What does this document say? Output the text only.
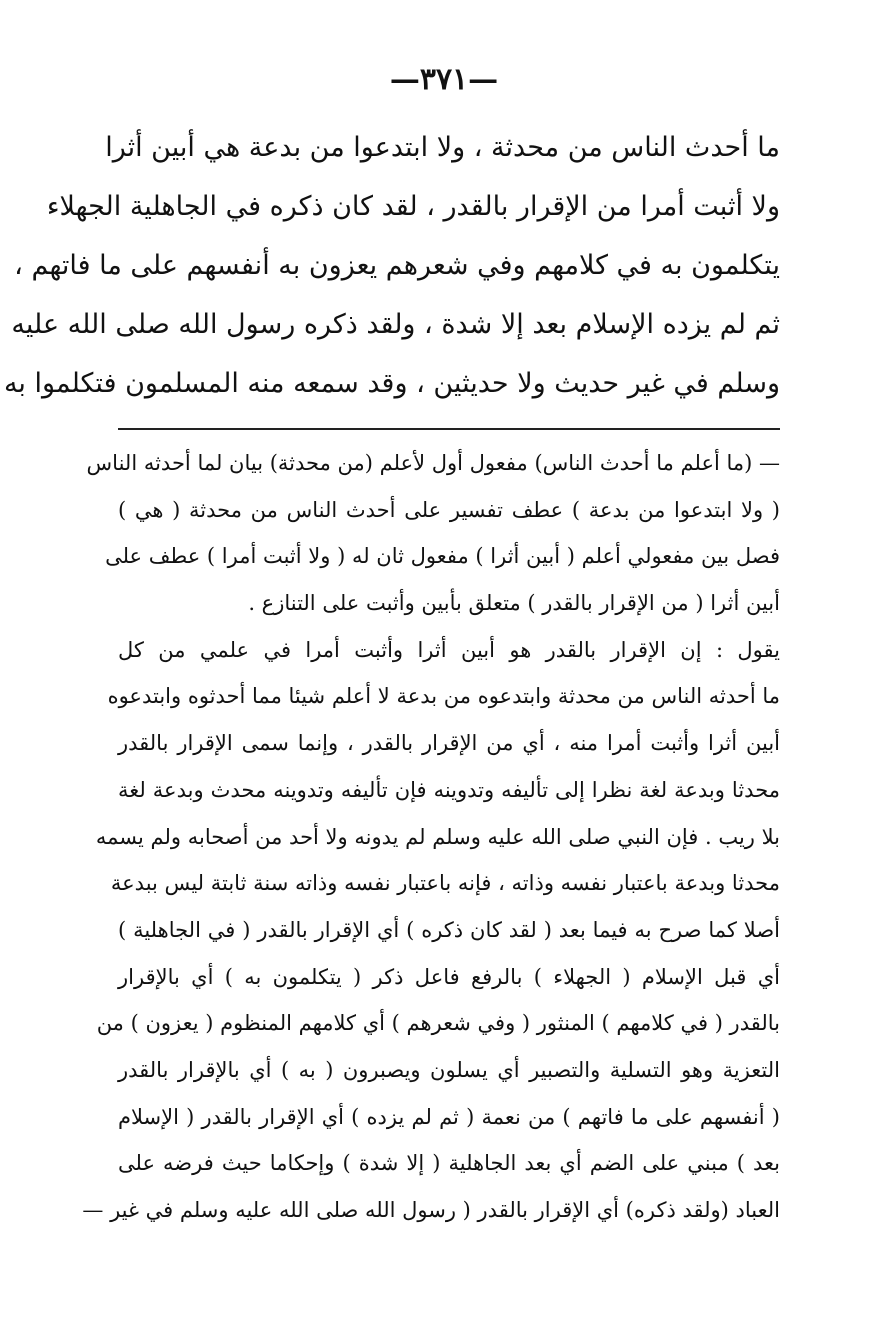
—٣٧١—
ما أحدث الناس من محدثة ، ولا ابتدعوا من بدعة هي أبين أثرا
ولا أثبت أمرا من الإقرار بالقدر ، لقد كان ذكره في الجاهلية الجهلاء
يتكلمون به في كلامهم وفي شعرهم يعزون به أنفسهم على ما فاتهم ،
ثم لم يزده الإسلام بعد إلا شدة ، ولقد ذكره رسول الله صلى الله عليه
وسلم في غير حديث ولا حديثين ، وقد سمعه منه المسلمون فتكلموا به
— (ما أعلم ما أحدث الناس) مفعول أول لأعلم (من محدثة) بيان لما أحدثه الناس
( ولا ابتدعوا من بدعة ) عطف تفسير على أحدث الناس من محدثة ( هي )
فصل بين مفعولي أعلم ( أبين أثرا ) مفعول ثان له ( ولا أثبت أمرا ) عطف على
أبين أثرا ( من الإقرار بالقدر ) متعلق بأبين وأثبت على التنازع .
يقول : إن الإقرار بالقدر هو أبين أثرا وأثبت أمرا في علمي من كل
ما أحدثه الناس من محدثة وابتدعوه من بدعة لا أعلم شيئا مما أحدثوه وابتدعوه
أبين أثرا وأثبت أمرا منه ، أي من الإقرار بالقدر ، وإنما سمى الإقرار بالقدر
محدثا وبدعة لغة نظرا إلى تأليفه وتدوينه فإن تأليفه وتدوينه محدث وبدعة لغة
بلا ريب . فإن النبي صلى الله عليه وسلم لم يدونه ولا أحد من أصحابه ولم يسمه
محدثا وبدعة باعتبار نفسه وذاته ، فإنه باعتبار نفسه وذاته سنة ثابتة ليس ببدعة
أصلا كما صرح به فيما بعد ( لقد كان ذكره ) أي الإقرار بالقدر ( في الجاهلية )
أي قبل الإسلام ( الجهلاء ) بالرفع فاعل ذكر ( يتكلمون به ) أي بالإقرار
بالقدر ( في كلامهم ) المنثور ( وفي شعرهم ) أي كلامهم المنظوم ( يعزون ) من
التعزية وهو التسلية والتصبير أي يسلون ويصبرون ( به ) أي بالإقرار بالقدر
( أنفسهم على ما فاتهم ) من نعمة ( ثم لم يزده ) أي الإقرار بالقدر ( الإسلام
بعد ) مبني على الضم أي بعد الجاهلية ( إلا شدة ) وإحكاما حيث فرضه على
العباد (ولقد ذكره) أي الإقرار بالقدر ( رسول الله صلى الله عليه وسلم في غير —
